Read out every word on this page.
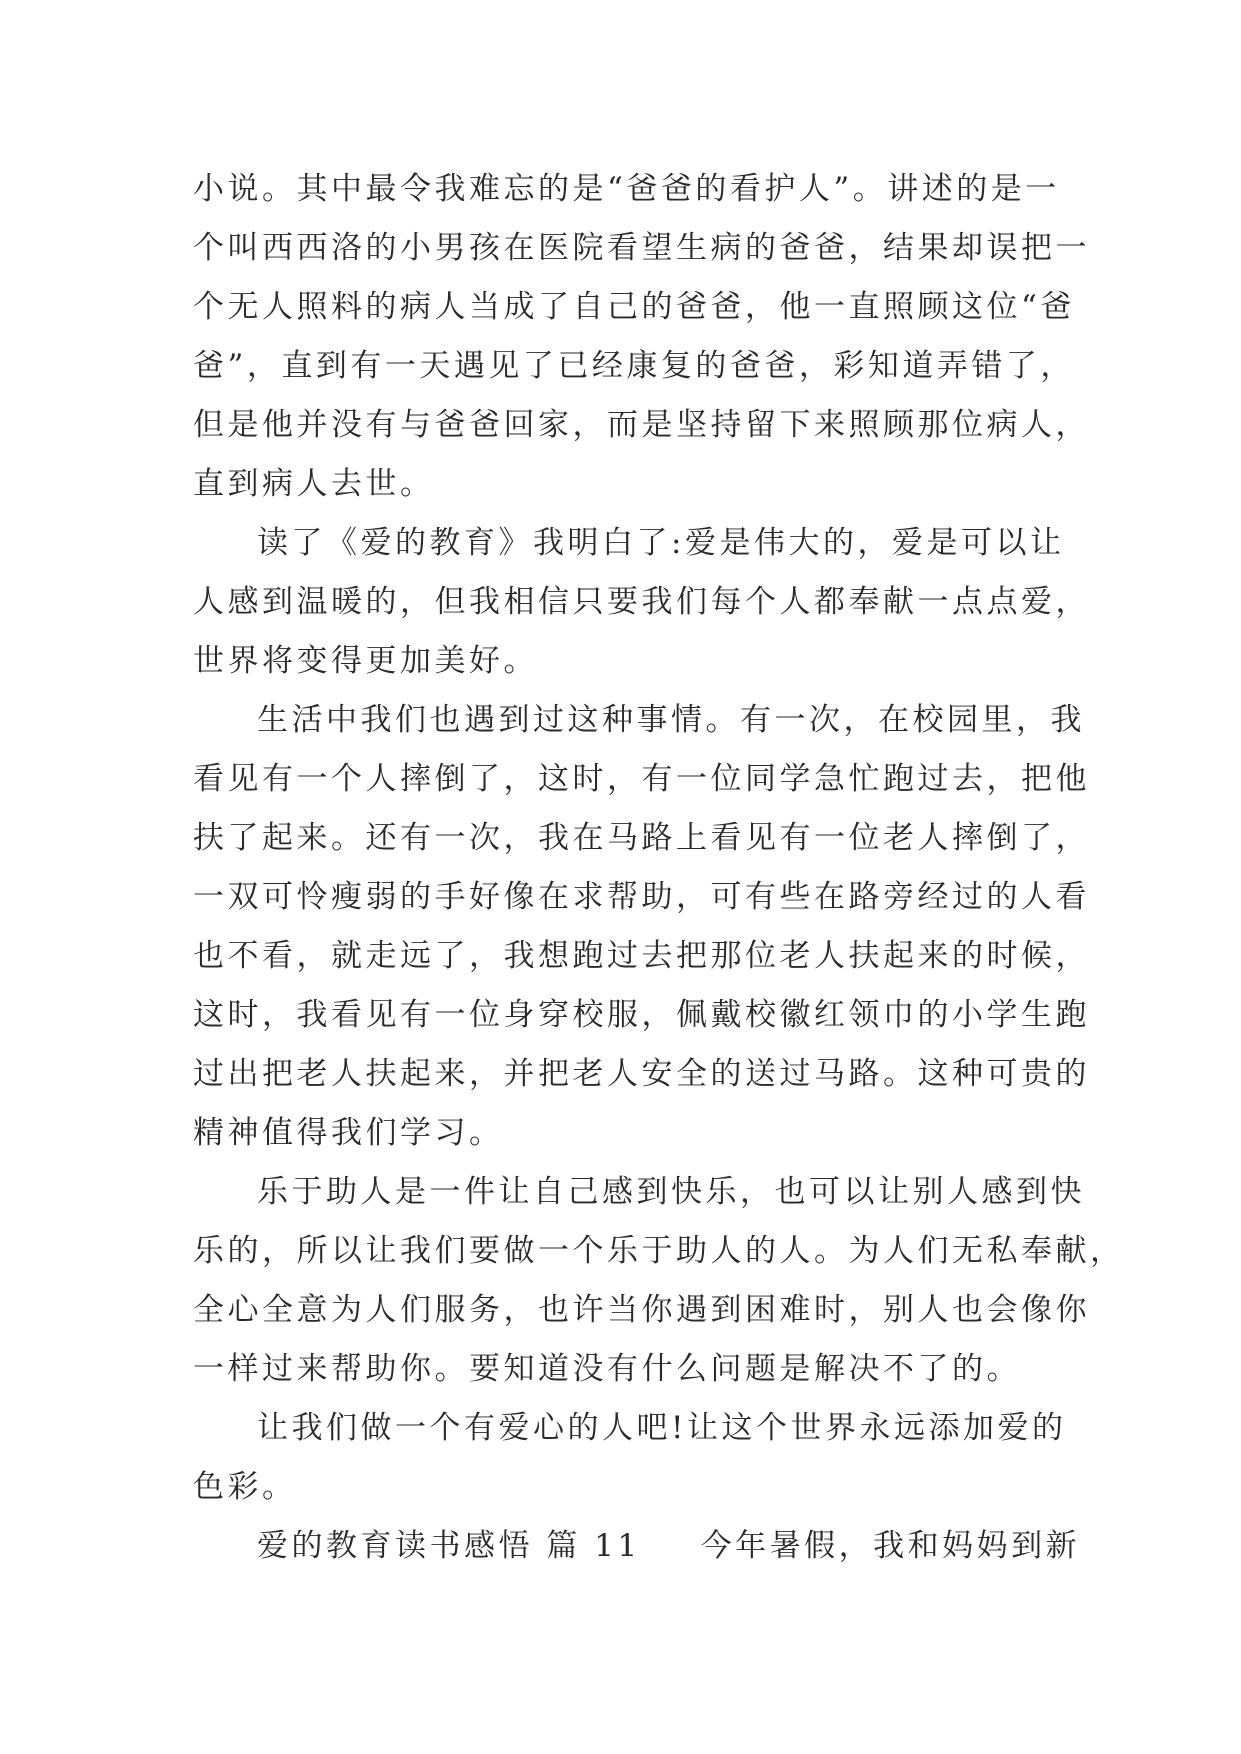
小说。其中最令我难忘的是“爸爸的看护人”。讲述的是一
个叫西西洛的小男孩在医院看望生病的爸爸，结果却误把一
个无人照料的病人当成了自己的爸爸，他一直照顾这位“爸
爸”，直到有一天遇见了已经康复的爸爸，彩知道弄错了，
但是他并没有与爸爸回家，而是坚持留下来照顾那位病人，
直到病人去世。
读了《爱的教育》我明白了:爱是伟大的，爱是可以让
人感到温暖的，但我相信只要我们每个人都奉献一点点爱，
世界将变得更加美好。
生活中我们也遇到过这种事情。有一次，在校园里，我
看见有一个人摔倒了，这时，有一位同学急忙跑过去，把他
扶了起来。还有一次，我在马路上看见有一位老人摔倒了，
一双可怜瘦弱的手好像在求帮助，可有些在路旁经过的人看
也不看，就走远了，我想跑过去把那位老人扶起来的时候，
这时，我看见有一位身穿校服，佩戴校徽红领巾的小学生跑
过出把老人扶起来，并把老人安全的送过马路。这种可贵的
精神值得我们学习。
乐于助人是一件让自己感到快乐，也可以让别人感到快
乐的，所以让我们要做一个乐于助人的人。为人们无私奉献，
全心全意为人们服务，也许当你遇到困难时，别人也会像你
一样过来帮助你。要知道没有什么问题是解决不了的。
让我们做一个有爱心的人吧!让这个世界永远添加爱的
色彩。
爱的教育读书感悟 篇 11 今年暑假，我和妈妈到新
